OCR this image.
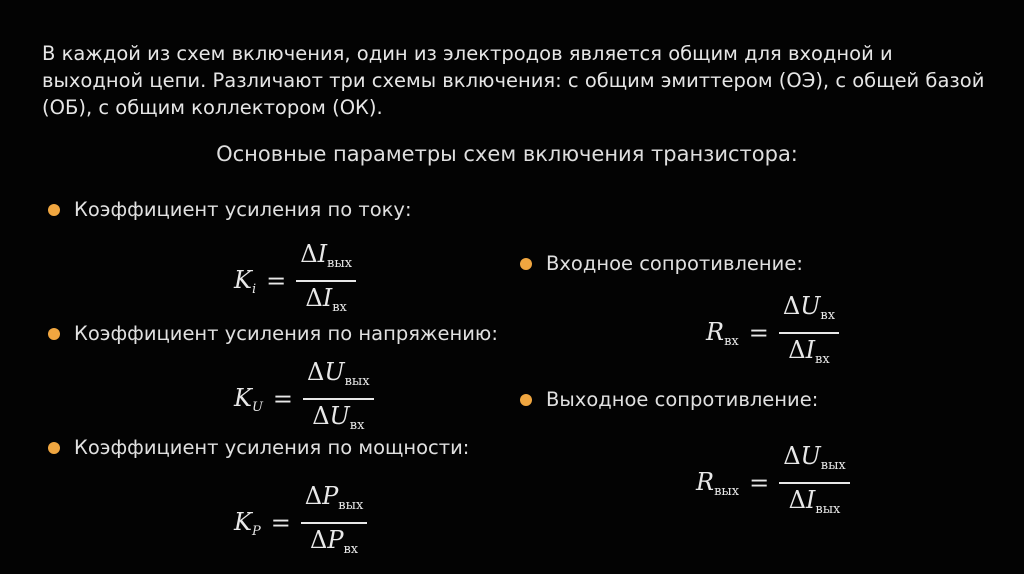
В каждой из схем включения, один из электродов является общим для входной и выходной цепи. Различают три схемы включения: с общим эмиттером (ОЭ), с общей базой (ОБ), с общим коллектором (ОК).

Основные параметры схем включения транзистора:

Коэффициент усиления по току:
$K_i = \frac{\Delta I_{вых}}{\Delta I_{вх}}$
Коэффициент усиления по напряжению:
$K_U = \frac{\Delta U_{вых}}{\Delta U_{вх}}$
Коэффициент усиления по мощности:
$K_P = \frac{\Delta P_{вых}}{\Delta P_{вх}}$
Входное сопротивление:
$R_{вх} = \frac{\Delta U_{вх}}{\Delta I_{вх}}$
Выходное сопротивление:
$R_{вых} = \frac{\Delta U_{вых}}{\Delta I_{вых}}$
